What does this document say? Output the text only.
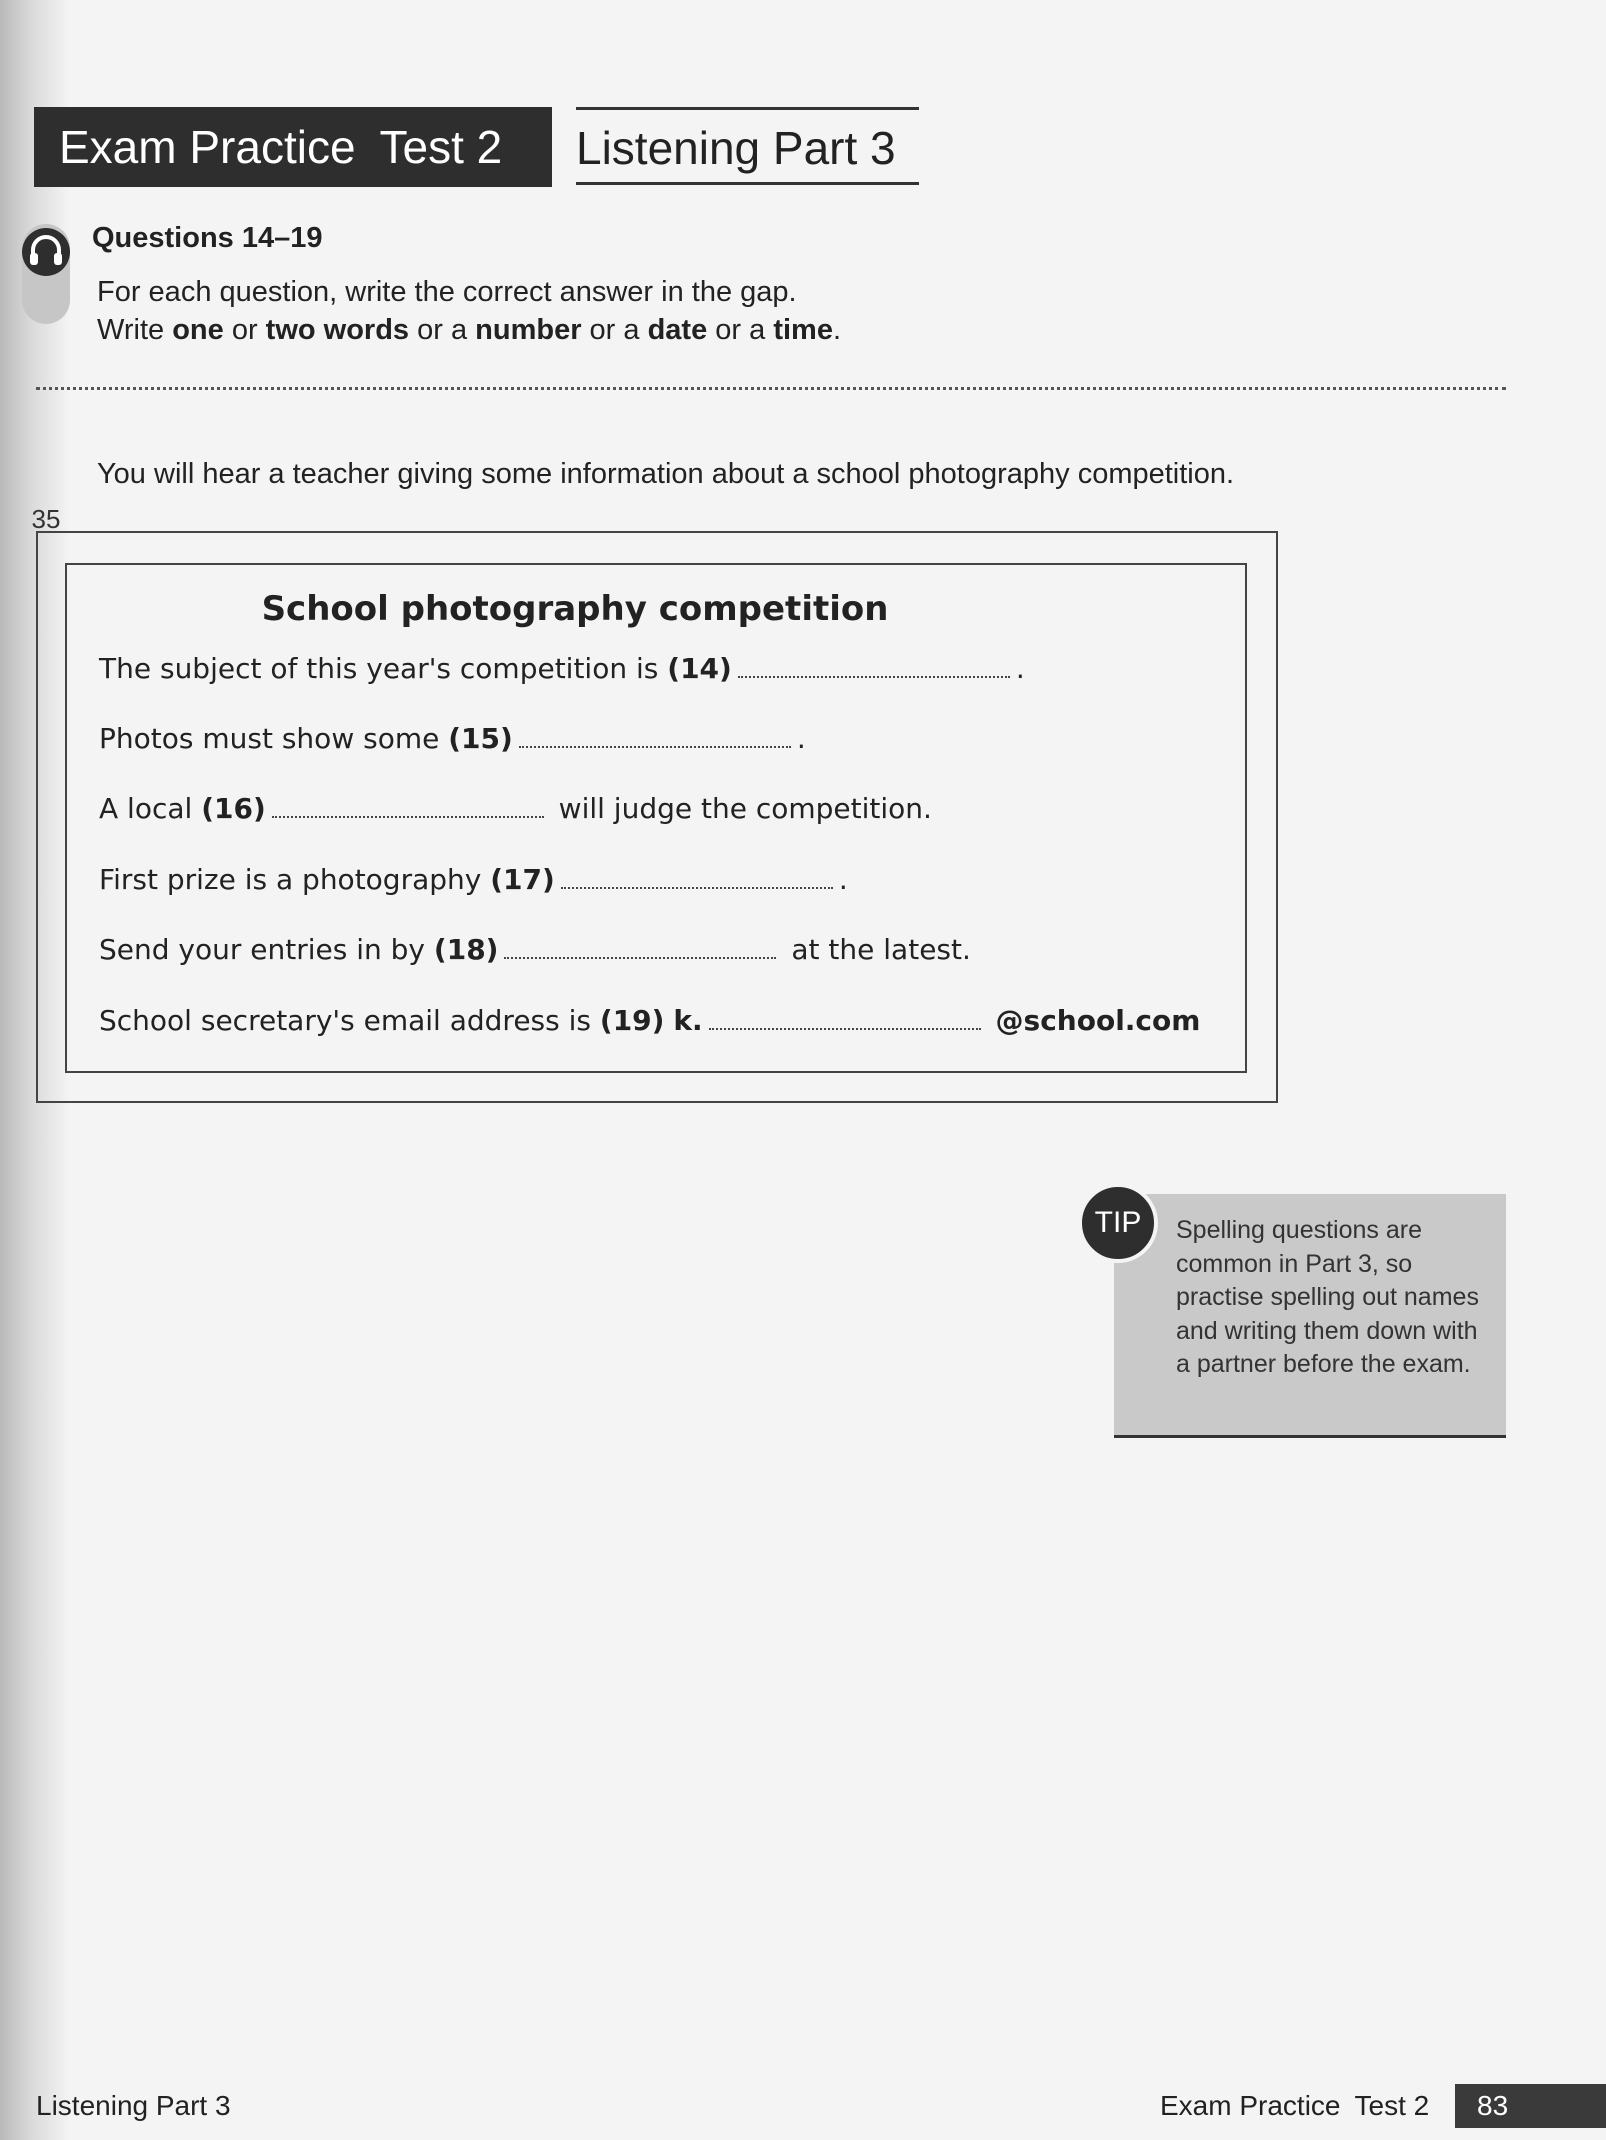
Exam Practice Test 2	Listening Part 3
35
Questions 14–19
For each question, write the correct answer in the gap.
Write one or two words or a number or a date or a time.
You will hear a teacher giving some information about a school photography competition.
School photography competition
The subject of this year's competition is (14)	.
Photos must show some (15)	.
A local (16)	will judge the competition.
First prize is a photography (17)	.
Send your entries in by (18)	at the latest.
School secretary's email address is (19) k.	@school.com
TIP	Spelling questions are common in Part 3, so practise spelling out names and writing them down with a partner before the exam.
Listening Part 3	Exam Practice Test 2	83
